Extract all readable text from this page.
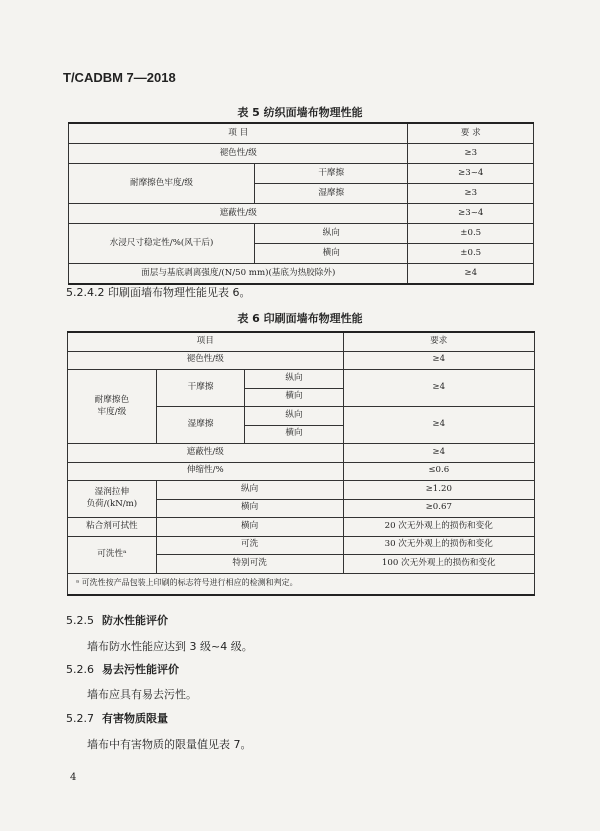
T/CADBM 7—2018
表 5 纺织面墙布物理性能
项 目		要 求
褪色性/级		≥3
耐摩擦色牢度/级	干摩擦	≥3~4
	湿摩擦	≥3
遮蔽性/级		≥3~4
水浸尺寸稳定性/%(风干后)	纵向	±0.5
	横向	±0.5
面层与基底剥离强度/(N/50 mm)(基底为热胶除外)		≥4
5.2.4.2 印刷面墙布物理性能见表 6。
表 6 印刷面墙布物理性能
项目			要求
褪色性/级			≥4
耐摩擦色
牢度/级	干摩擦	纵向	≥4
		横向	
	湿摩擦	纵向	≥4
		横向	
遮蔽性/级			≥4
伸缩性/%			≤0.6
湿润拉伸
负荷/(kN/m)	纵向		≥1.20
	横向		≥0.67
粘合剂可拭性	横向		20 次无外观上的损伤和变化
可洗性ᵃ	可洗		30 次无外观上的损伤和变化
	特别可洗		100 次无外观上的损伤和变化
ᵃ 可洗性按产品包装上印刷的标志符号进行相应的检测和判定。			
5.2.5 防水性能评价
墙布防水性能应达到 3 级~4 级。
5.2.6 易去污性能评价
墙布应具有易去污性。
5.2.7 有害物质限量
墙布中有害物质的限量值见表 7。
4
